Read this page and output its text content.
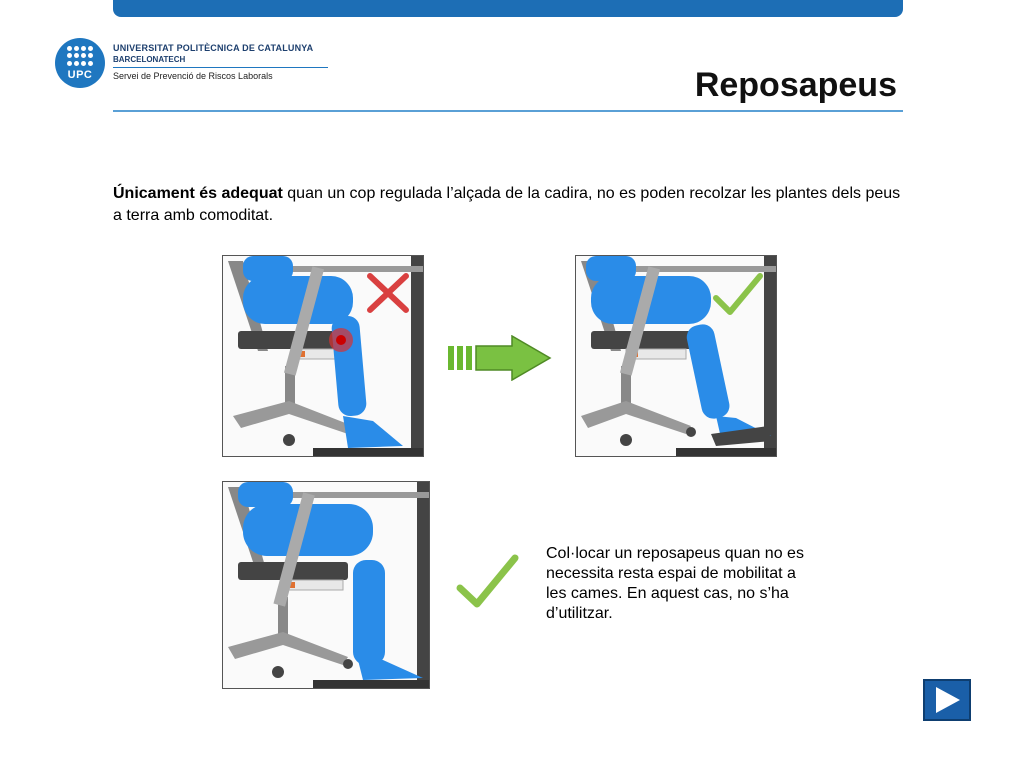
UPC
UNIVERSITAT POLITÈCNICA DE CATALUNYA
BARCELONATECH
Servei de Prevenció de Riscos Laborals	Reposapeus
Únicament és adequat quan un cop regulada l’alçada de la cadira, no es poden recolzar les plantes dels peus a terra amb comoditat.
Col·locar un reposapeus quan no es necessita resta espai de mobilitat a les cames. En aquest cas, no s’ha d’utilitzar.
